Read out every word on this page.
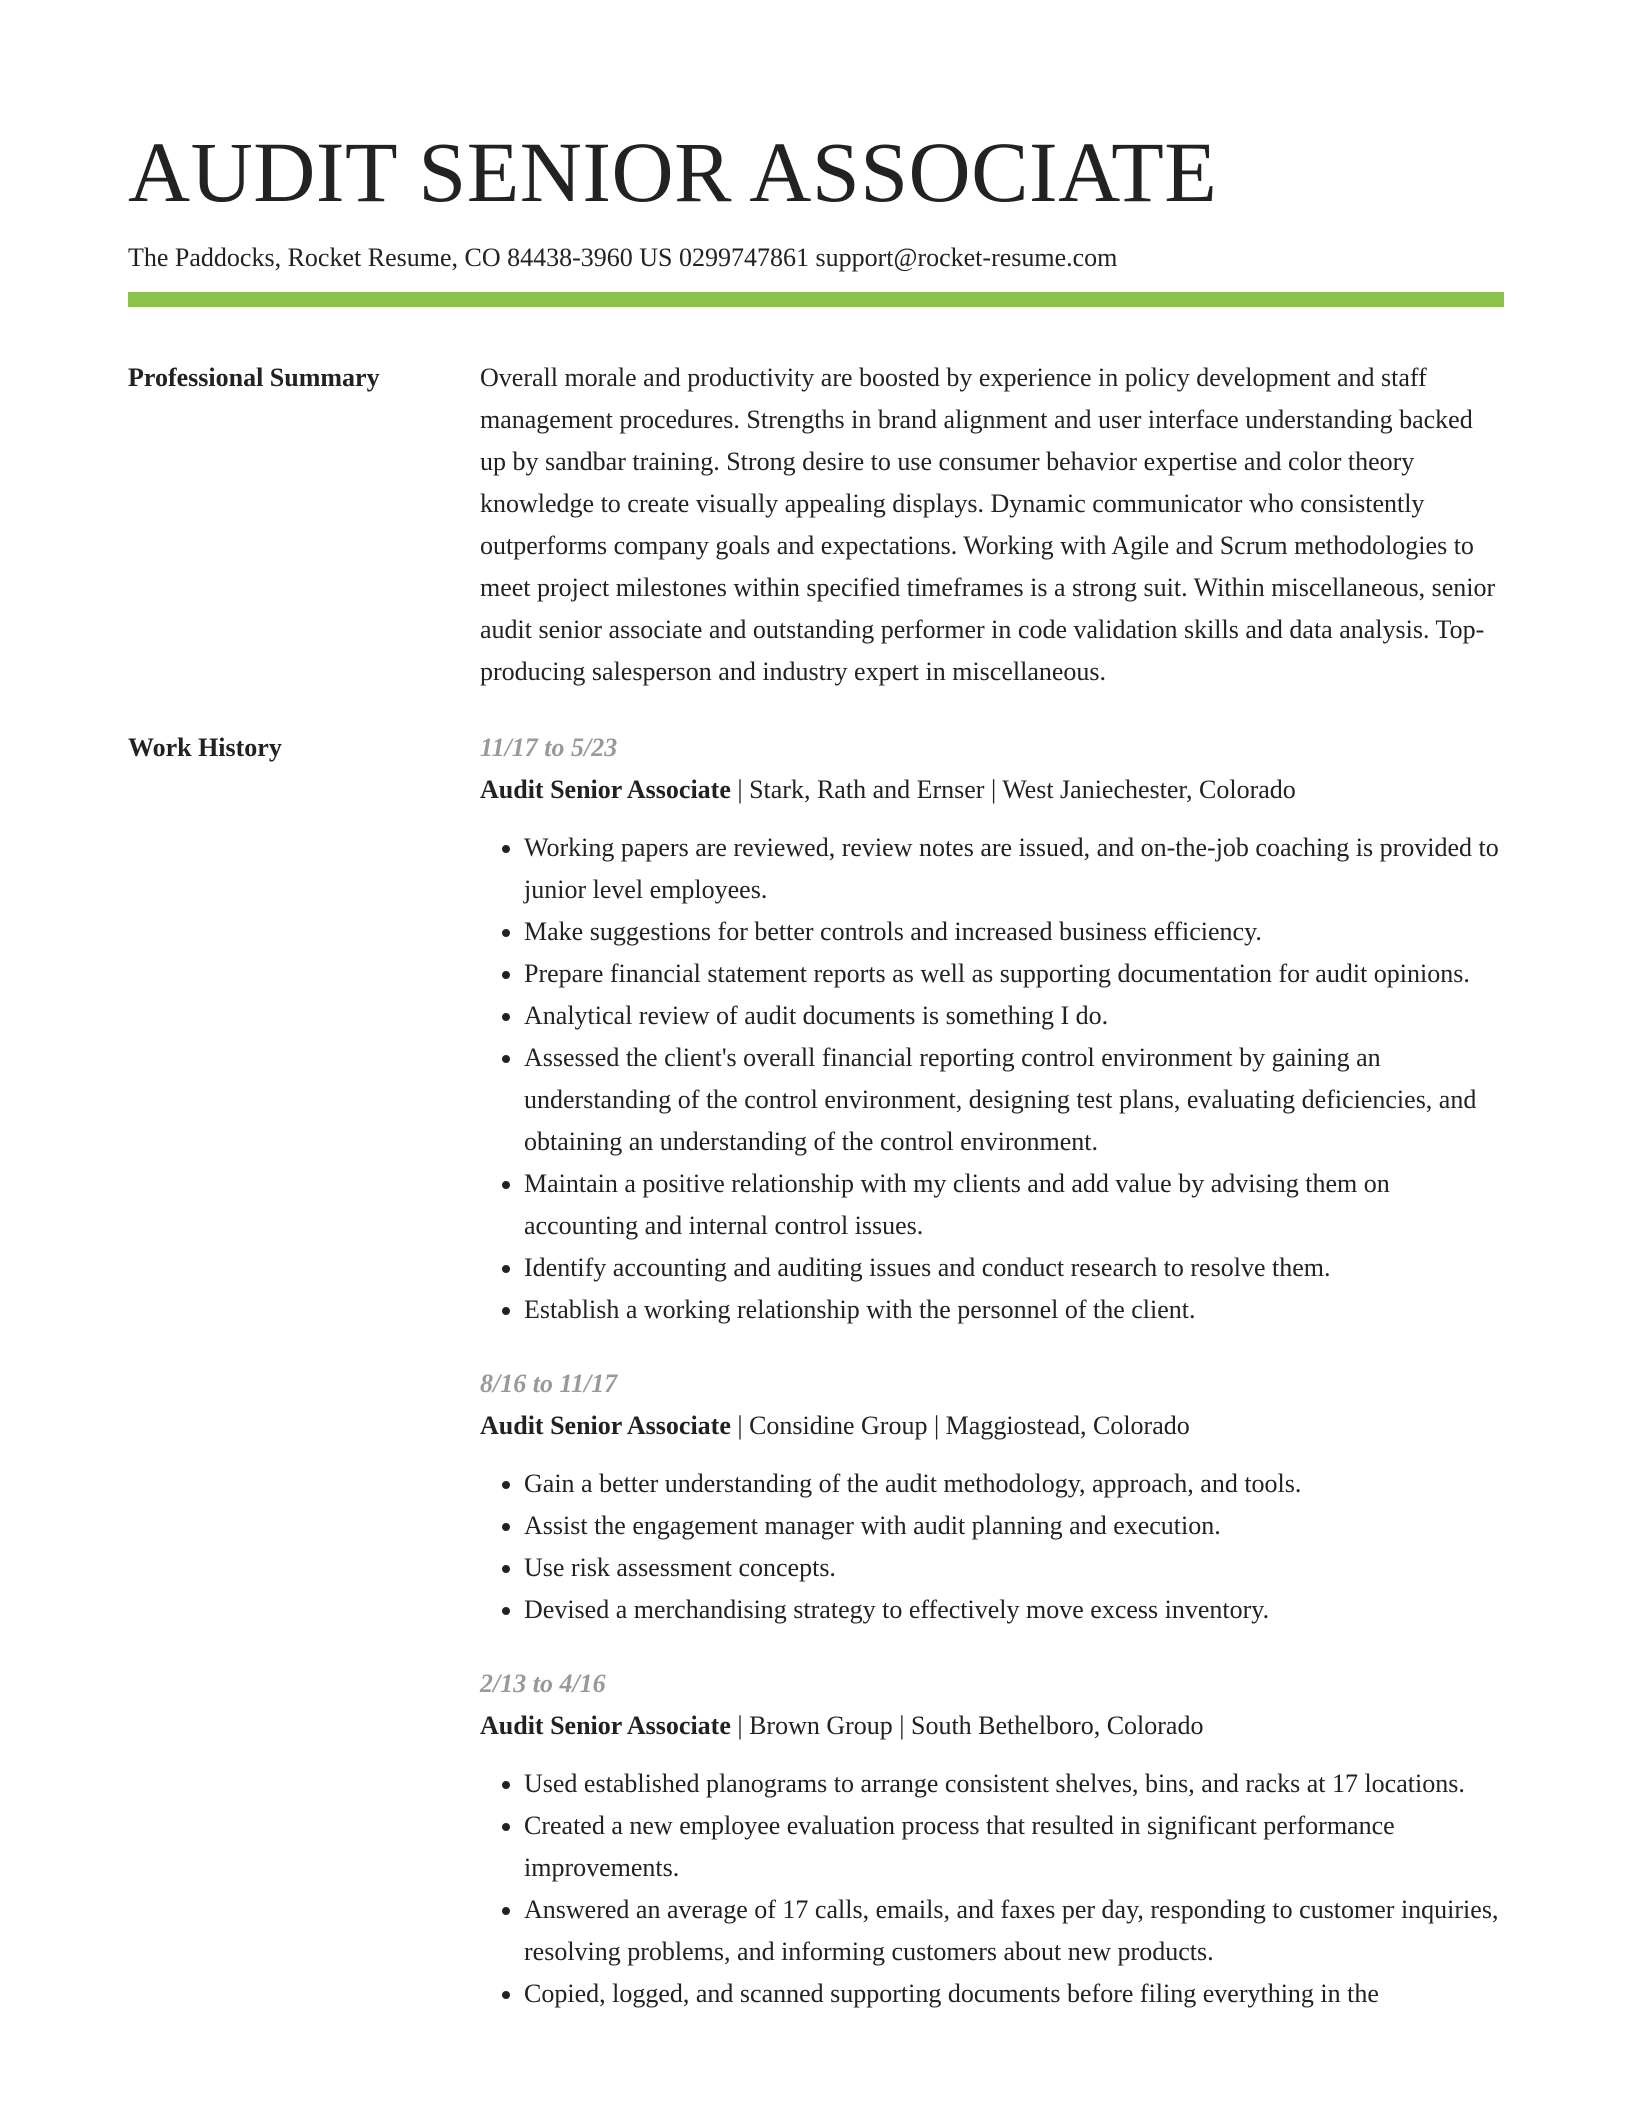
AUDIT SENIOR ASSOCIATE
The Paddocks, Rocket Resume, CO 84438-3960 US 0299747861 support@rocket-resume.com
Professional Summary	Overall morale and productivity are boosted by experience in policy development and staff management procedures. Strengths in brand alignment and user interface understanding backed up by sandbar training. Strong desire to use consumer behavior expertise and color theory knowledge to create visually appealing displays. Dynamic communicator who consistently outperforms company goals and expectations. Working with Agile and Scrum methodologies to meet project milestones within specified timeframes is a strong suit. Within miscellaneous, senior audit senior associate and outstanding performer in code validation skills and data analysis. Top-producing salesperson and industry expert in miscellaneous.

Work History	11/17 to 5/23

Audit Senior Associate | Stark, Rath and Ernser | West Janiechester, Colorado

• Working papers are reviewed, review notes are issued, and on-the-job coaching is provided to junior level employees.
• Make suggestions for better controls and increased business efficiency.
• Prepare financial statement reports as well as supporting documentation for audit opinions.
• Analytical review of audit documents is something I do.
• Assessed the client's overall financial reporting control environment by gaining an understanding of the control environment, designing test plans, evaluating deficiencies, and obtaining an understanding of the control environment.
• Maintain a positive relationship with my clients and add value by advising them on accounting and internal control issues.
• Identify accounting and auditing issues and conduct research to resolve them.
• Establish a working relationship with the personnel of the client.
8/16 to 11/17

Audit Senior Associate | Considine Group | Maggiostead, Colorado

• Gain a better understanding of the audit methodology, approach, and tools.
• Assist the engagement manager with audit planning and execution.
• Use risk assessment concepts.
• Devised a merchandising strategy to effectively move excess inventory.
2/13 to 4/16

Audit Senior Associate | Brown Group | South Bethelboro, Colorado

• Used established planograms to arrange consistent shelves, bins, and racks at 17 locations.
• Created a new employee evaluation process that resulted in significant performance improvements.
• Answered an average of 17 calls, emails, and faxes per day, responding to customer inquiries, resolving problems, and informing customers about new products.
• Copied, logged, and scanned supporting documents before filing everything in the
